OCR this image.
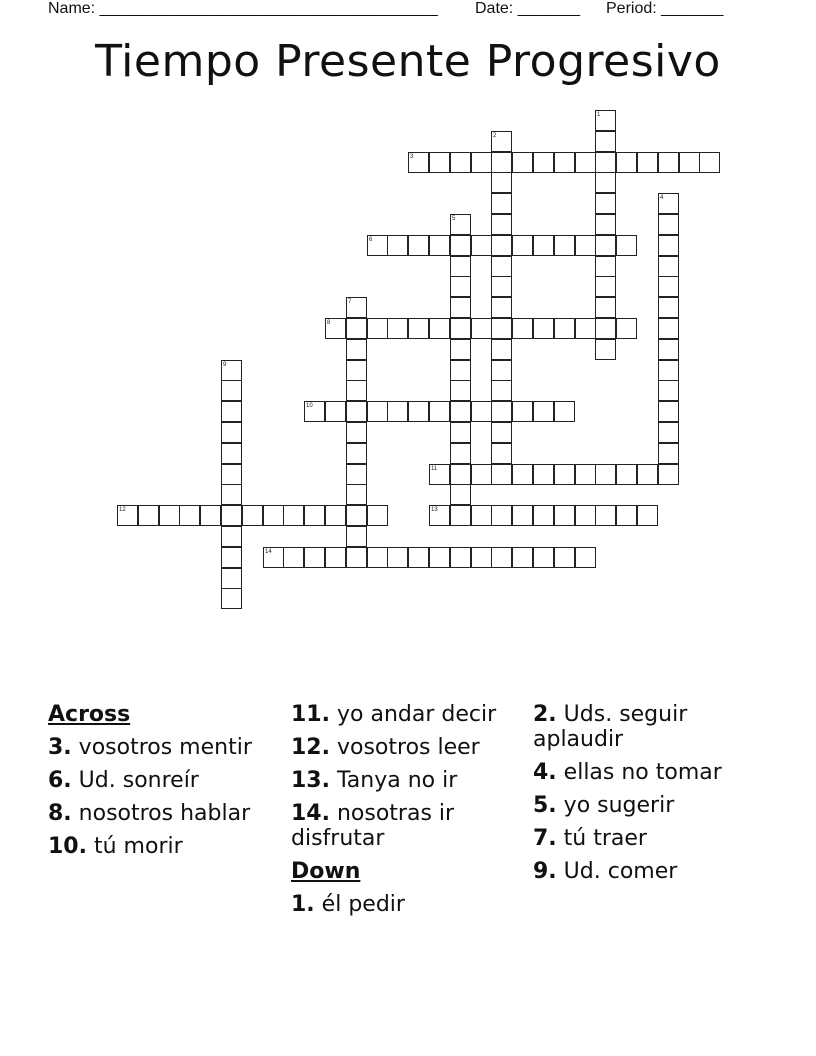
Name: ______________________________________ Date: _______ Period: _______
Tiempo Presente Progresivo
1
2
3
4
5
6
7
8
9
10
11
12	13
14
Across
3. vosotros mentir
6. Ud. sonreír
8. nosotros hablar
10. tú morir
11. yo andar decir
12. vosotros leer
13. Tanya no ir
14. nosotras ir disfrutar
Down
1. él pedir
2. Uds. seguir aplaudir
4. ellas no tomar
5. yo sugerir
7. tú traer
9. Ud. comer
